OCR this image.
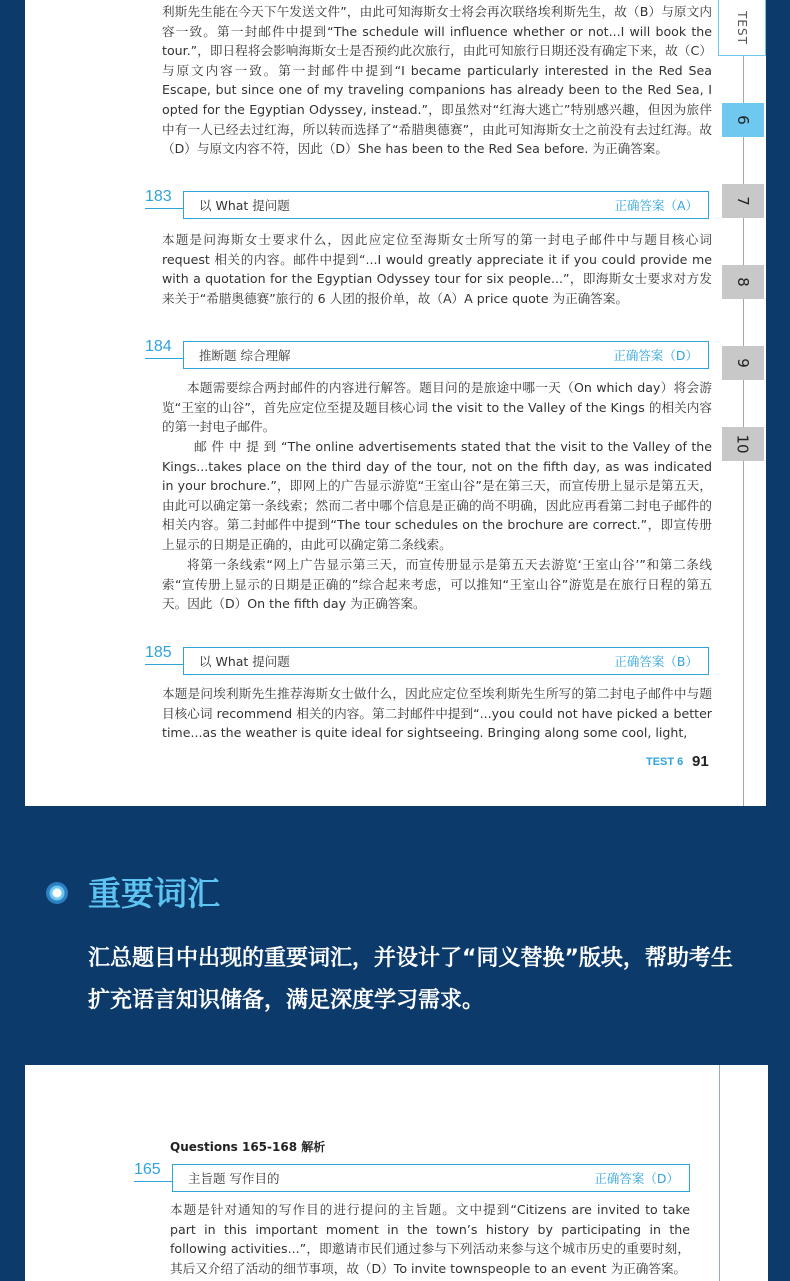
利斯先生能在今天下午发送文件”，由此可知海斯女士将会再次联络埃利斯先生，故（B）与原文内容一致。第一封邮件中提到“The schedule will influence whether or not...I will book the tour.”，即日程将会影响海斯女士是否预约此次旅行，由此可知旅行日期还没有确定下来，故（C）与原文内容一致。第一封邮件中提到“I became particularly interested in the Red Sea Escape, but since one of my traveling companions has already been to the Red Sea, I opted for the Egyptian Odyssey, instead.”，即虽然对“红海大逃亡”特别感兴趣，但因为旅伴中有一人已经去过红海，所以转而选择了“希腊奥德赛”，由此可知海斯女士之前没有去过红海。故（D）与原文内容不符，因此（D）She has been to the Red Sea before. 为正确答案。

183
以 What 提问题	正确答案（A）

本题是问海斯女士要求什么，因此应定位至海斯女士所写的第一封电子邮件中与题目核心词 request 相关的内容。邮件中提到“...I would greatly appreciate it if you could provide me with a quotation for the Egyptian Odyssey tour for six people...”，即海斯女士要求对方发来关于“希腊奥德赛”旅行的 6 人团的报价单，故（A）A price quote 为正确答案。

184
推断题 综合理解	正确答案（D）

本题需要综合两封邮件的内容进行解答。题目问的是旅途中哪一天（On which day）将会游览“王室的山谷”，首先应定位至提及题目核心词 the visit to the Valley of the Kings 的相关内容的第一封电子邮件。

邮 件 中 提 到 “The online advertisements stated that the visit to the Valley of the Kings...takes place on the third day of the tour, not on the fifth day, as was indicated in your brochure.”，即网上的广告显示游览“王室山谷”是在第三天，而宣传册上显示是第五天，由此可以确定第一条线索；然而二者中哪个信息是正确的尚不明确，因此应再看第二封电子邮件的相关内容。第二封邮件中提到“The tour schedules on the brochure are correct.”，即宣传册上显示的日期是正确的，由此可以确定第二条线索。

将第一条线索“网上广告显示第三天，而宣传册显示是第五天去游览‘王室山谷’”和第二条线索“宣传册上显示的日期是正确的”综合起来考虑，可以推知“王室山谷”游览是在旅行日程的第五天。因此（D）On the fifth day 为正确答案。

185
以 What 提问题	正确答案（B）

本题是问埃利斯先生推荐海斯女士做什么，因此应定位至埃利斯先生所写的第二封电子邮件中与题目核心词 recommend 相关的内容。第二封邮件中提到“...you could not have picked a better time...as the weather is quite ideal for sightseeing. Bringing along some cool, light,

TEST 6 91
TEST
6
7
8
9
10
重要词汇

汇总题目中出现的重要词汇，并设计了“同义替换”版块，帮助考生扩充语言知识储备，满足深度学习需求。

Questions 165-168 解析
165
主旨题 写作目的	正确答案（D）

本题是针对通知的写作目的进行提问的主旨题。文中提到“Citizens are invited to take part in this important moment in the town’s history by participating in the following activities...”，即邀请市民们通过参与下列活动来参与这个城市历史的重要时刻，其后又介绍了活动的细节事项，故（D）To invite townspeople to an event 为正确答案。
